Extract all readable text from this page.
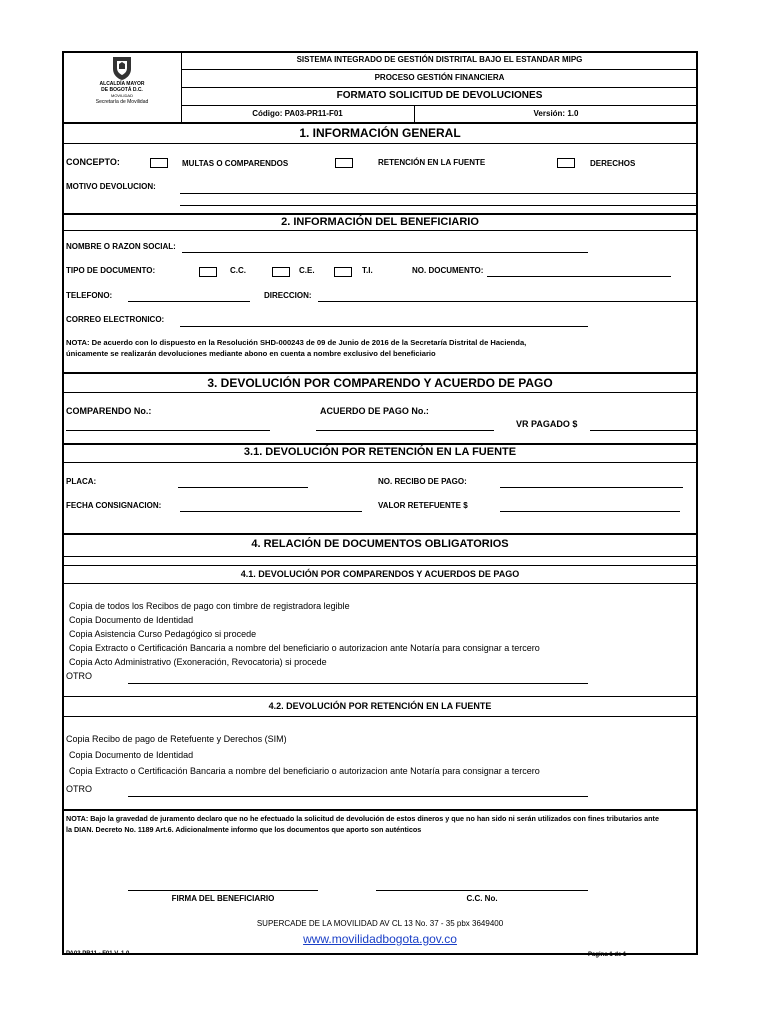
ALCALDÍA MAYOR
DE BOGOTÁ D.C.
MOVILIDAD
Secretaría de Movilidad
SISTEMA INTEGRADO DE GESTIÓN DISTRITAL BAJO EL ESTANDAR MIPG
PROCESO GESTIÓN FINANCIERA
FORMATO SOLICITUD DE DEVOLUCIONES
Código: PA03-PR11-F01	Versión: 1.0
1. INFORMACIÓN GENERAL
CONCEPTO:	MULTAS O COMPARENDOS	RETENCIÓN EN LA FUENTE	DERECHOS
MOTIVO DEVOLUCION:
2. INFORMACIÓN DEL BENEFICIARIO
NOMBRE O RAZON SOCIAL:
TIPO DE DOCUMENTO:	C.C.	C.E.	T.I.	NO. DOCUMENTO:
TELEFONO:	DIRECCION:
CORREO ELECTRONICO:
NOTA: De acuerdo con lo dispuesto en la Resolución SHD-000243 de 09 de Junio de 2016 de la Secretaría Distrital de Hacienda,
únicamente se realizarán devoluciones mediante abono en cuenta a nombre exclusivo del beneficiario
3. DEVOLUCIÓN POR COMPARENDO Y ACUERDO DE PAGO
COMPARENDO No.:	ACUERDO DE PAGO No.:
VR PAGADO $
3.1. DEVOLUCIÓN POR RETENCIÓN EN LA FUENTE
PLACA:	NO. RECIBO DE PAGO:
FECHA CONSIGNACION:	VALOR RETEFUENTE $
4. RELACIÓN DE DOCUMENTOS OBLIGATORIOS
4.1. DEVOLUCIÓN POR COMPARENDOS Y ACUERDOS DE PAGO
Copia de todos los Recibos de pago con timbre de registradora legible
Copia Documento de Identidad
Copia Asistencia Curso Pedagógico si procede
Copia Extracto o Certificación Bancaria a nombre del beneficiario o autorizacion ante Notaría para consignar a tercero
Copia Acto Administrativo (Exoneración, Revocatoria) si procede
OTRO
4.2. DEVOLUCIÓN POR RETENCIÓN EN LA FUENTE
Copia Recibo de pago de Retefuente y Derechos (SIM)
Copia Documento de Identidad
Copia Extracto o Certificación Bancaria a nombre del beneficiario o autorizacion ante Notaría para consignar a tercero
OTRO
NOTA: Bajo la gravedad de juramento declaro que no he efectuado la solicitud de devolución de estos dineros y que no han sido ni serán utilizados con fines tributarios ante
la DIAN. Decreto No. 1189 Art.6. Adicionalmente informo que los documentos que aporto son auténticos
FIRMA DEL BENEFICIARIO	C.C. No.
SUPERCADE DE LA MOVILIDAD AV CL 13 No. 37 - 35 pbx 3649400
www.movilidadbogota.gov.co
PA03 PR11 - F01 V. 1.0	Pagina 1 de 1
